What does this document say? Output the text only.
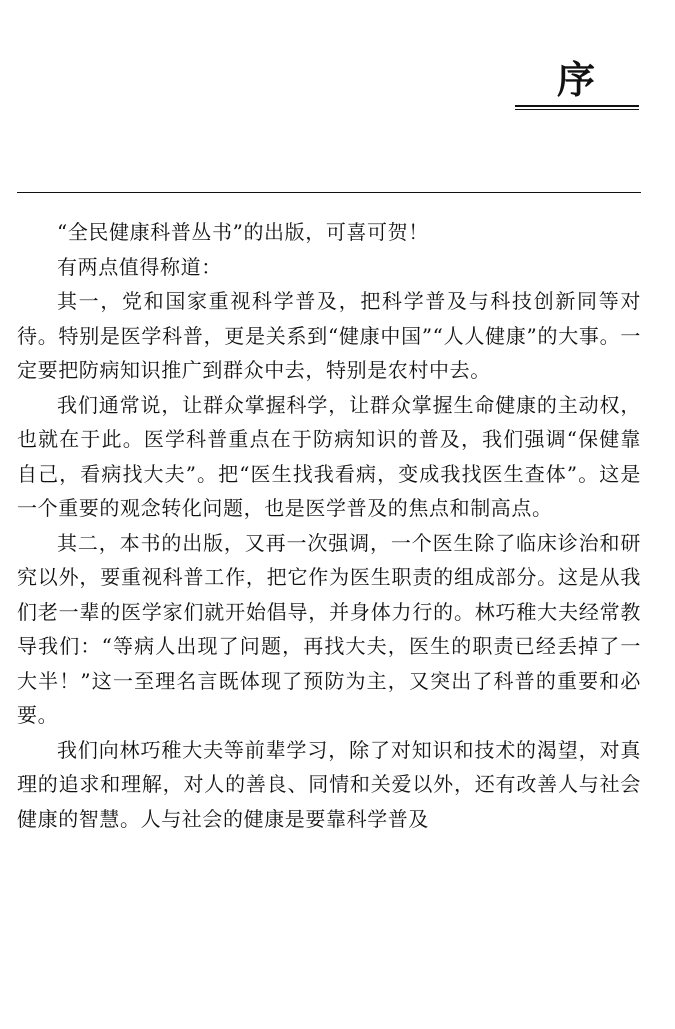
序

“全民健康科普丛书”的出版，可喜可贺！

有两点值得称道：

其一，党和国家重视科学普及，把科学普及与科技创新同等对待。特别是医学科普，更是关系到“健康中国”“人人健康”的大事。一定要把防病知识推广到群众中去，特别是农村中去。

我们通常说，让群众掌握科学，让群众掌握生命健康的主动权，也就在于此。医学科普重点在于防病知识的普及，我们强调“保健靠自己，看病找大夫”。把“医生找我看病，变成我找医生查体”。这是一个重要的观念转化问题，也是医学普及的焦点和制高点。

其二，本书的出版，又再一次强调，一个医生除了临床诊治和研究以外，要重视科普工作，把它作为医生职责的组成部分。这是从我们老一辈的医学家们就开始倡导，并身体力行的。林巧稚大夫经常教导我们：“等病人出现了问题，再找大夫，医生的职责已经丢掉了一大半！”这一至理名言既体现了预防为主，又突出了科普的重要和必要。

我们向林巧稚大夫等前辈学习，除了对知识和技术的渴望，对真理的追求和理解，对人的善良、同情和关爱以外，还有改善人与社会健康的智慧。人与社会的健康是要靠科学普及
